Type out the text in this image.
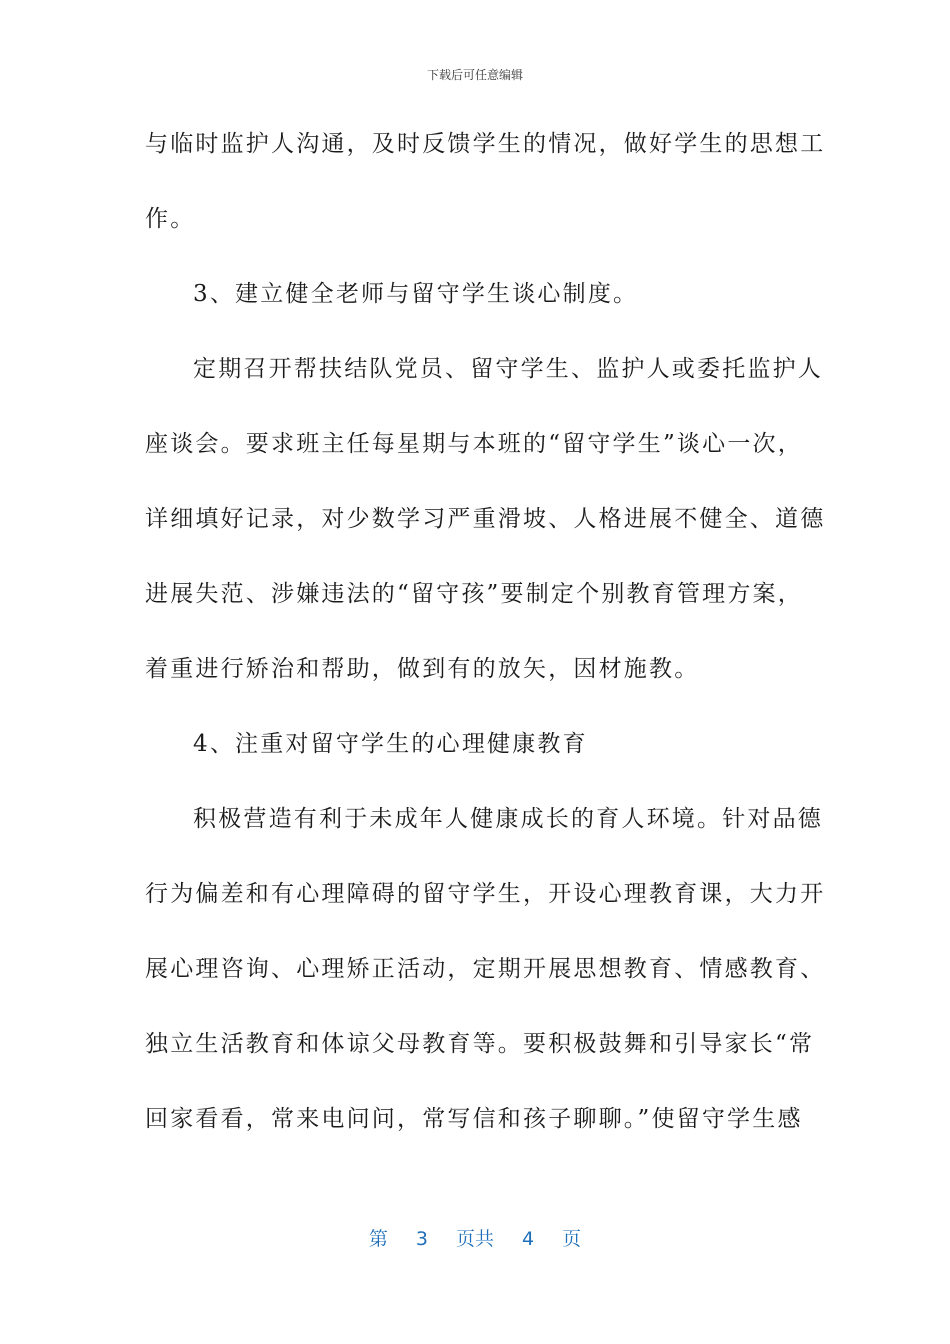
下载后可任意编辑
与临时监护人沟通，及时反馈学生的情况，做好学生的思想工
作。
3、建立健全老师与留守学生谈心制度。
定期召开帮扶结队党员、留守学生、监护人或委托监护人
座谈会。要求班主任每星期与本班的“留守学生”谈心一次，
详细填好记录，对少数学习严重滑坡、人格进展不健全、道德
进展失范、涉嫌违法的“留守孩”要制定个别教育管理方案，
着重进行矫治和帮助，做到有的放矢，因材施教。
4、注重对留守学生的心理健康教育
积极营造有利于未成年人健康成长的育人环境。针对品德
行为偏差和有心理障碍的留守学生，开设心理教育课，大力开
展心理咨询、心理矫正活动，定期开展思想教育、情感教育、
独立生活教育和体谅父母教育等。要积极鼓舞和引导家长“常
回家看看，常来电问问，常写信和孩子聊聊。”使留守学生感
第 3 页共 4 页
